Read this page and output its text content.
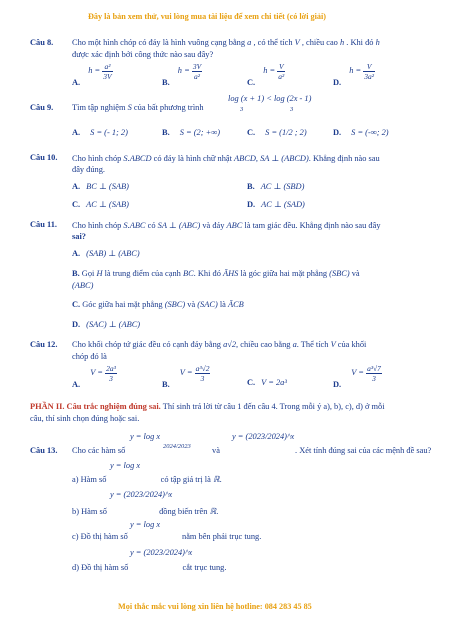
Đây là bản xem thử, vui lòng mua tài liệu để xem chi tiết (có lời giải)
Câu 8. Cho một hình chóp có đáy là hình vuông cạng bằng a , có thể tích V , chiều cao h . Khi đó h
được xác định bởi công thức nào sau đây?
A. $h = \frac{\text{a²}}{3V}$
B. $h = \frac{3V}{\text{a²}}$
C. $h = \frac{V}{\text{a²}}$
D. $h = \frac{V}{\text{3a²}}$
Câu 9. Tìm tập nghiệm S của bất phương trình
log (x + 1) < log (2x - 1)
3	3
A. S = (- 1; 2)	B. S = (2; +∞)	C. S = (1/2 ; 2)	D. S = (-∞; 2)
Câu 10. Cho hình chóp S.ABCD có đáy là hình chữ nhật ABCD, SA ⊥ (ABCD). Khẳng định nào sau
đây đúng.
A. BC ⊥ (SAB)	B. AC ⊥ (SBD)
C. AC ⊥ (SAB)	D. AC ⊥ (SAD)
Câu 11. Cho hình chóp S.ABC có SA ⊥ (ABC) và đáy ABC là tam giác đều. Khẳng định nào sau đây
sai?
A. (SAB) ⊥ (ABC)
B. Gọi H là trung điểm của cạnh BC. Khi đó ĀHS là góc giữa hai mặt phẳng (SBC) và
(ABC)
C. Góc giữa hai mặt phẳng (SBC) và (SAC) là ĀCB
D. (SAC) ⊥ (ABC)
Câu 12. Cho khối chóp tứ giác đều có cạnh đáy bằng a√2, chiều cao bằng a. Thể tích V của khối
chóp đó là
A. $V = \frac{\text{2a³}}{3}$
B. $V = \frac{\text{a³√2}}{3}$	C. V = 2a³	D. $V = \frac{\text{a³√7}}{3}$
PHẦN II. Câu trắc nghiệm đúng sai. Thí sinh trả lời từ câu 1 đến câu 4. Trong mỗi ý a), b), c), d) ở mỗi
câu, thí sinh chọn đúng hoặc sai.
Câu 13. Cho các hàm số
y = log x
2024/2023	và
y = (2023/2024)^x
. Xét tính đúng sai của các mệnh đề sau?
y = log x
a) Hàm số	có tập giá trị là ℝ.
y = (2023/2024)^x
b) Hàm số	đồng biến trên ℝ.
y = log x
c) Đồ thị hàm số	nằm bên phải trục tung.
y = (2023/2024)^x
d) Đồ thị hàm số	cắt trục tung.
Mọi thắc mắc vui lòng xin liên hệ hotline: 084 283 45 85
